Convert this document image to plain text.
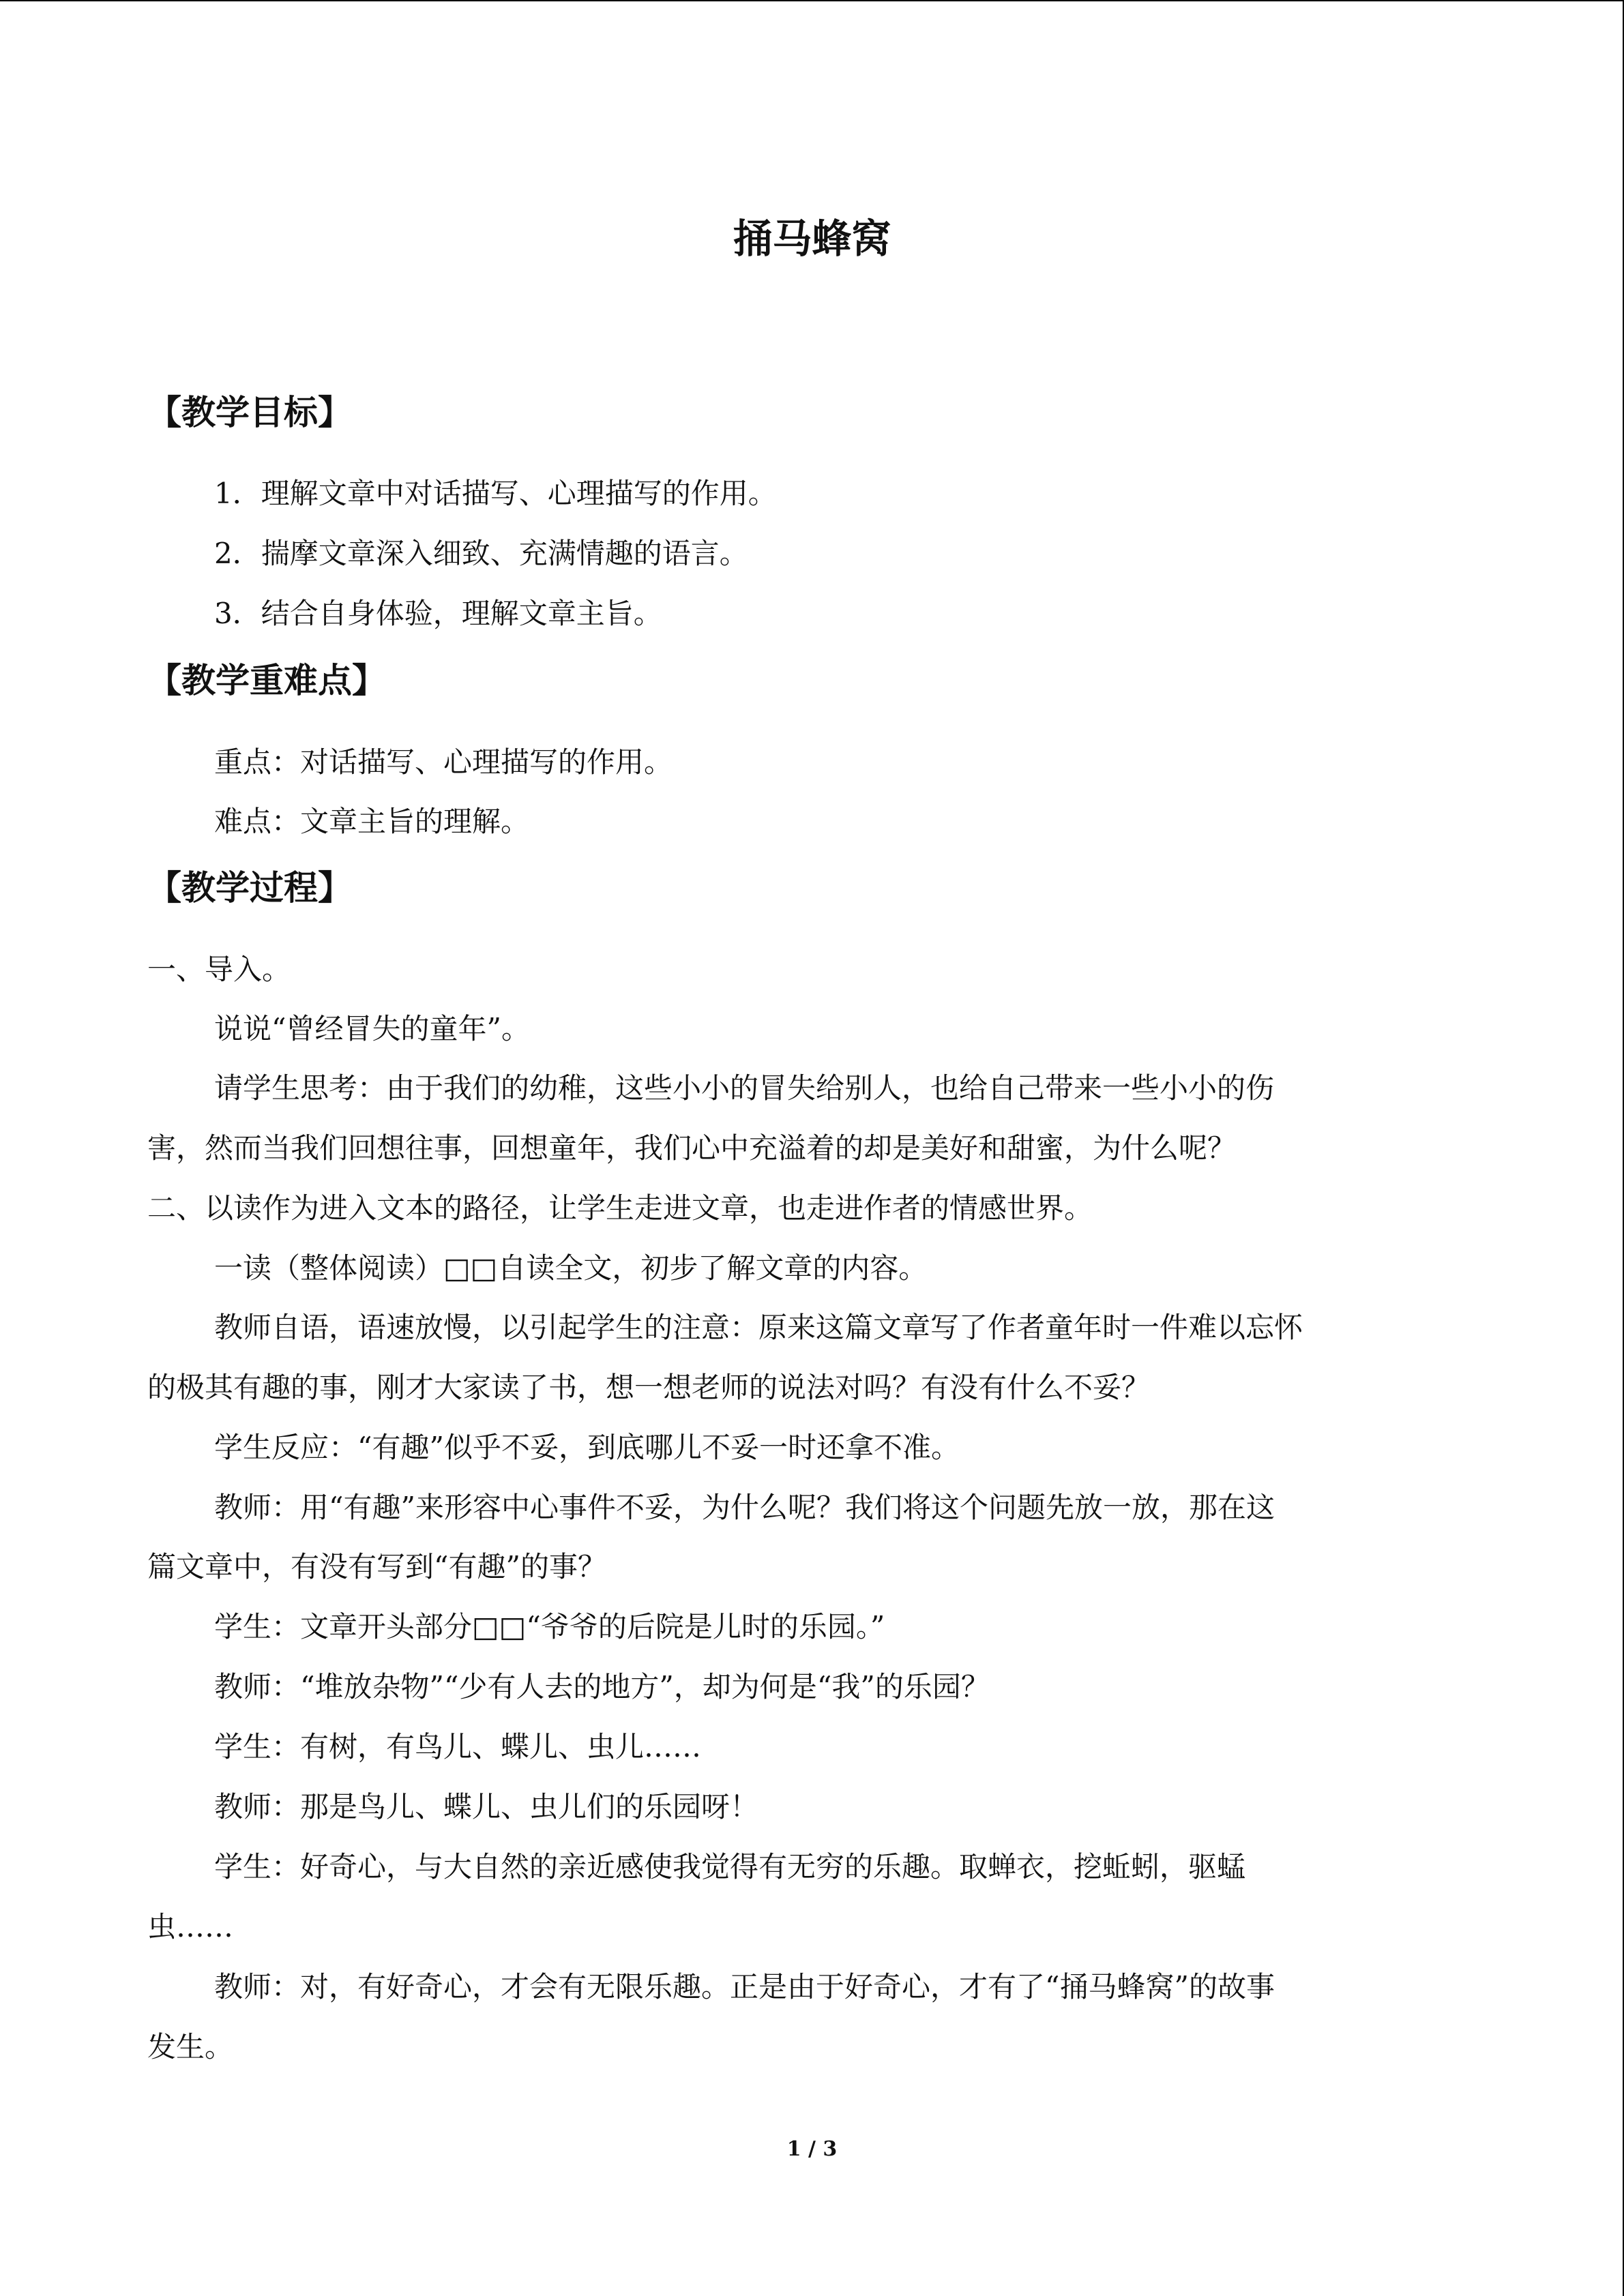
捅马蜂窝
【教学目标】
1．理解文章中对话描写、心理描写的作用。
2．揣摩文章深入细致、充满情趣的语言。
3．结合自身体验，理解文章主旨。
【教学重难点】
重点：对话描写、心理描写的作用。
难点：文章主旨的理解。
【教学过程】
一、导入。
说说“曾经冒失的童年”。
请学生思考：由于我们的幼稚，这些小小的冒失给别人，也给自己带来一些小小的伤
害，然而当我们回想往事，回想童年，我们心中充溢着的却是美好和甜蜜，为什么呢？
二、以读作为进入文本的路径，让学生走进文章，也走进作者的情感世界。
一读（整体阅读）□□自读全文，初步了解文章的内容。
教师自语，语速放慢，以引起学生的注意：原来这篇文章写了作者童年时一件难以忘怀
的极其有趣的事，刚才大家读了书，想一想老师的说法对吗？有没有什么不妥？
学生反应：“有趣”似乎不妥，到底哪儿不妥一时还拿不准。
教师：用“有趣”来形容中心事件不妥，为什么呢？我们将这个问题先放一放，那在这
篇文章中，有没有写到“有趣”的事？
学生：文章开头部分□□“爷爷的后院是儿时的乐园。”
教师：“堆放杂物”“少有人去的地方”，却为何是“我”的乐园？
学生：有树，有鸟儿、蝶儿、虫儿……
教师：那是鸟儿、蝶儿、虫儿们的乐园呀！
学生：好奇心，与大自然的亲近感使我觉得有无穷的乐趣。取蝉衣，挖蚯蚓，驱蜢
虫……
教师：对，有好奇心，才会有无限乐趣。正是由于好奇心，才有了“捅马蜂窝”的故事
发生。
1 / 3
